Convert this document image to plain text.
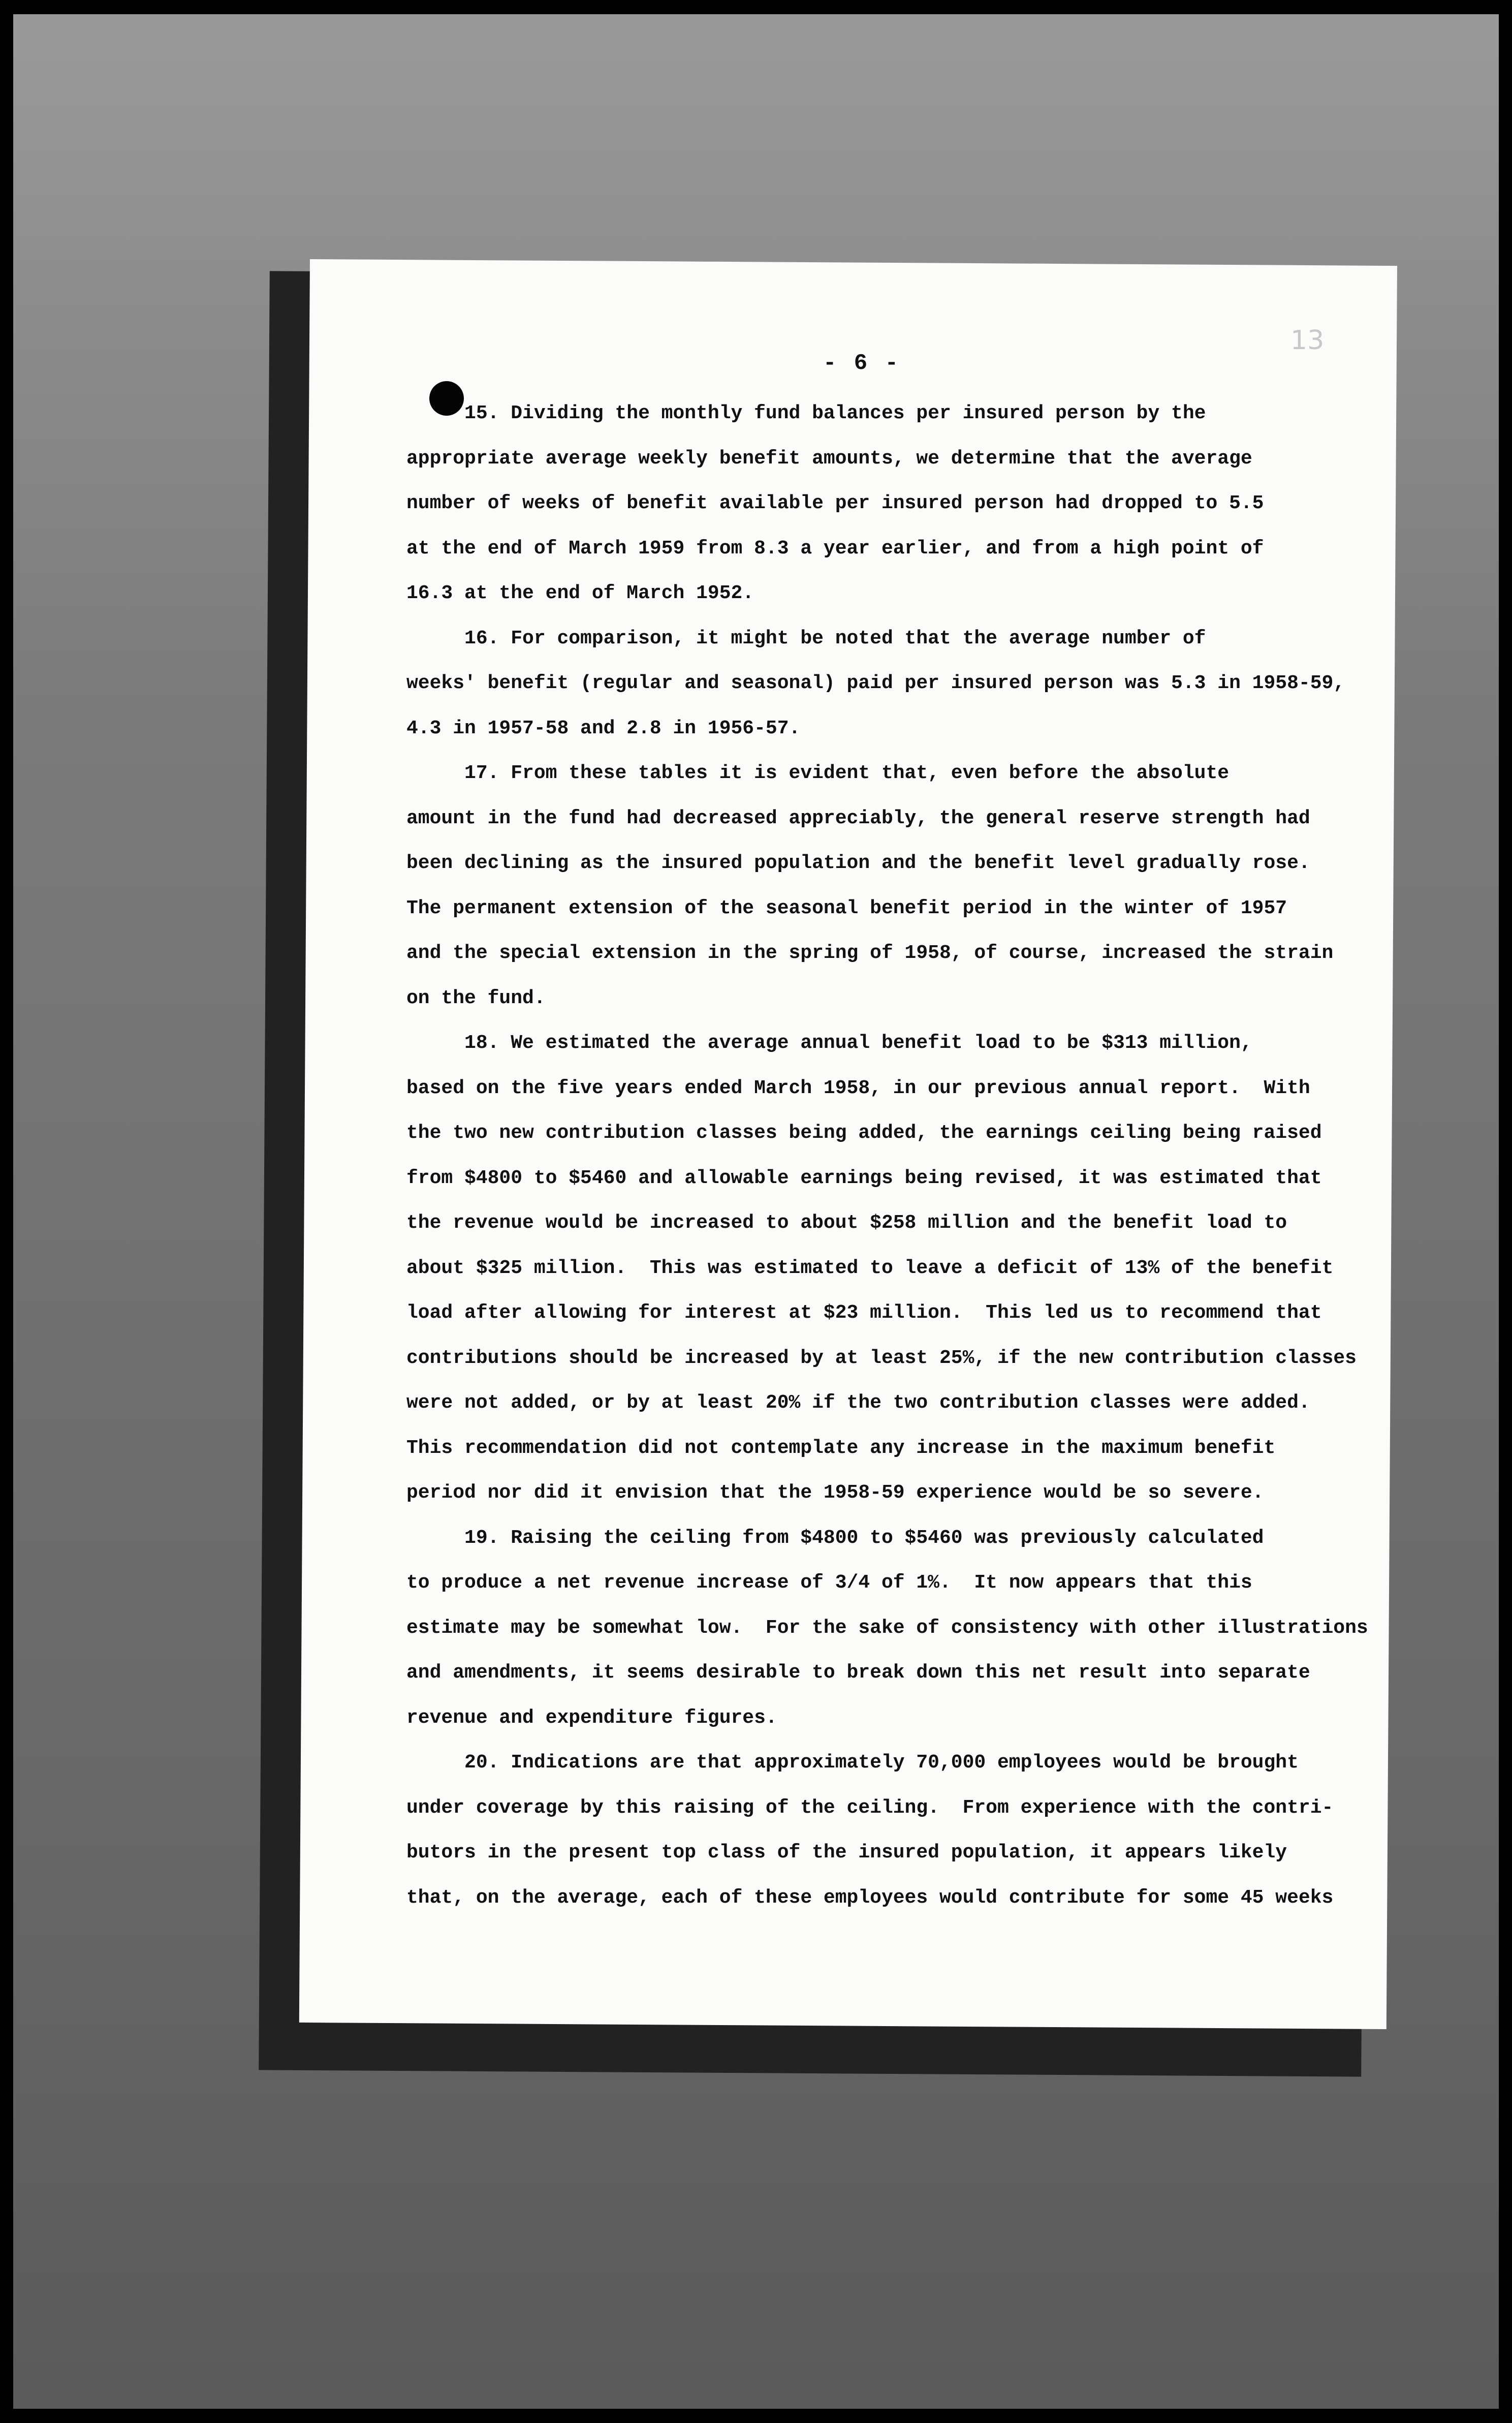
- 6 -
13
15. Dividing the monthly fund balances per insured person by the
appropriate average weekly benefit amounts, we determine that the average
number of weeks of benefit available per insured person had dropped to 5.5
at the end of March 1959 from 8.3 a year earlier, and from a high point of
16.3 at the end of March 1952.
16. For comparison, it might be noted that the average number of
weeks' benefit (regular and seasonal) paid per insured person was 5.3 in 1958-59,
4.3 in 1957-58 and 2.8 in 1956-57.
17. From these tables it is evident that, even before the absolute
amount in the fund had decreased appreciably, the general reserve strength had
been declining as the insured population and the benefit level gradually rose.
The permanent extension of the seasonal benefit period in the winter of 1957
and the special extension in the spring of 1958, of course, increased the strain
on the fund.
18. We estimated the average annual benefit load to be $313 million,
based on the five years ended March 1958, in our previous annual report.  With
the two new contribution classes being added, the earnings ceiling being raised
from $4800 to $5460 and allowable earnings being revised, it was estimated that
the revenue would be increased to about $258 million and the benefit load to
about $325 million.  This was estimated to leave a deficit of 13% of the benefit
load after allowing for interest at $23 million.  This led us to recommend that
contributions should be increased by at least 25%, if the new contribution classes
were not added, or by at least 20% if the two contribution classes were added.
This recommendation did not contemplate any increase in the maximum benefit
period nor did it envision that the 1958-59 experience would be so severe.
19. Raising the ceiling from $4800 to $5460 was previously calculated
to produce a net revenue increase of 3/4 of 1%.  It now appears that this
estimate may be somewhat low.  For the sake of consistency with other illustrations
and amendments, it seems desirable to break down this net result into separate
revenue and expenditure figures.
20. Indications are that approximately 70,000 employees would be brought
under coverage by this raising of the ceiling.  From experience with the contri-
butors in the present top class of the insured population, it appears likely
that, on the average, each of these employees would contribute for some 45 weeks
